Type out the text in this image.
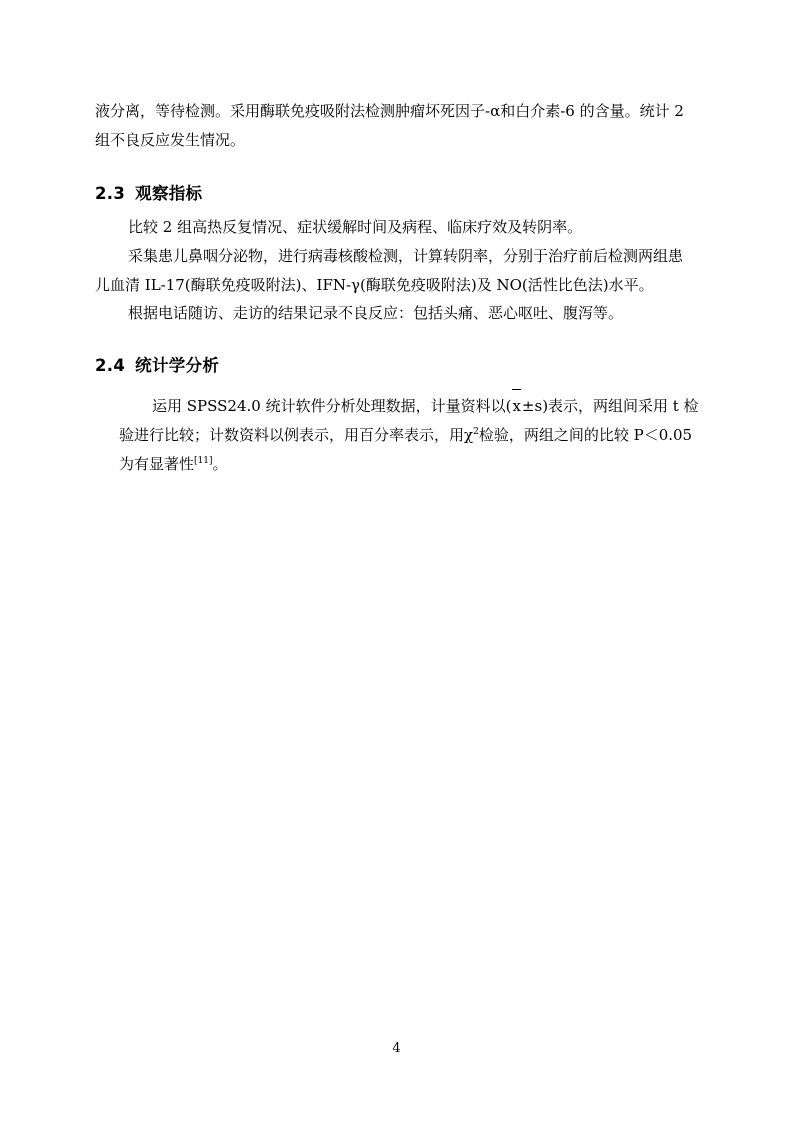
液分离，等待检测。采用酶联免疫吸附法检测肿瘤坏死因子-α和白介素-6 的含量。统计 2
组不良反应发生情况。

2.3 观察指标

比较 2 组高热反复情况、症状缓解时间及病程、临床疗效及转阴率。

采集患儿鼻咽分泌物，进行病毒核酸检测，计算转阴率，分别于治疗前后检测两组患
儿血清 IL-17(酶联免疫吸附法)、IFN-γ(酶联免疫吸附法)及 NO(活性比色法)水平。

根据电话随访、走访的结果记录不良反应：包括头痛、恶心呕吐、腹泻等。

2.4 统计学分析

运用 SPSS24.0 统计软件分析处理数据，计量资料以(x±s)表示，两组间采用 t 检
验进行比较；计数资料以例表示，用百分率表示，用$\chi^2$检验，两组之间的比较 P＜0.05
为有显著性[11]。

4
